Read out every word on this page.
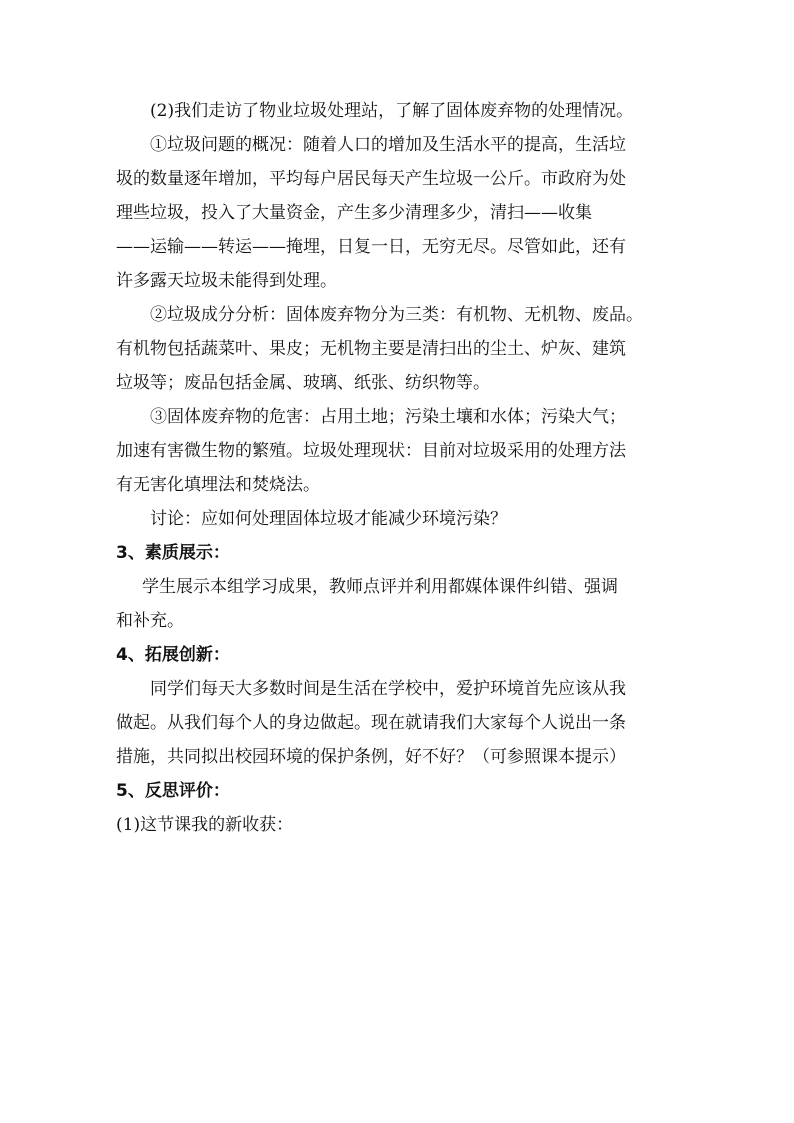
(2)我们走访了物业垃圾处理站，了解了固体废弃物的处理情况。

①垃圾问题的概况：随着人口的增加及生活水平的提高，生活垃
圾的数量逐年增加，平均每户居民每天产生垃圾一公斤。市政府为处
理些垃圾，投入了大量资金，产生多少清理多少，清扫——收集
——运输——转运——掩埋，日复一日，无穷无尽。尽管如此，还有
许多露天垃圾未能得到处理。

②垃圾成分分析：固体废弃物分为三类：有机物、无机物、废品。
有机物包括蔬菜叶、果皮；无机物主要是清扫出的尘土、炉灰、建筑
垃圾等；废品包括金属、玻璃、纸张、纺织物等。

③固体废弃物的危害：占用土地；污染土壤和水体；污染大气；
加速有害微生物的繁殖。垃圾处理现状：目前对垃圾采用的处理方法
有无害化填埋法和焚烧法。

讨论：应如何处理固体垃圾才能减少环境污染？

3、素质展示：

学生展示本组学习成果，教师点评并利用都媒体课件纠错、强调
和补充。

4、拓展创新：

同学们每天大多数时间是生活在学校中，爱护环境首先应该从我
做起。从我们每个人的身边做起。现在就请我们大家每个人说出一条
措施，共同拟出校园环境的保护条例，好不好？（可参照课本提示）

5、反思评价：

(1)这节课我的新收获：
